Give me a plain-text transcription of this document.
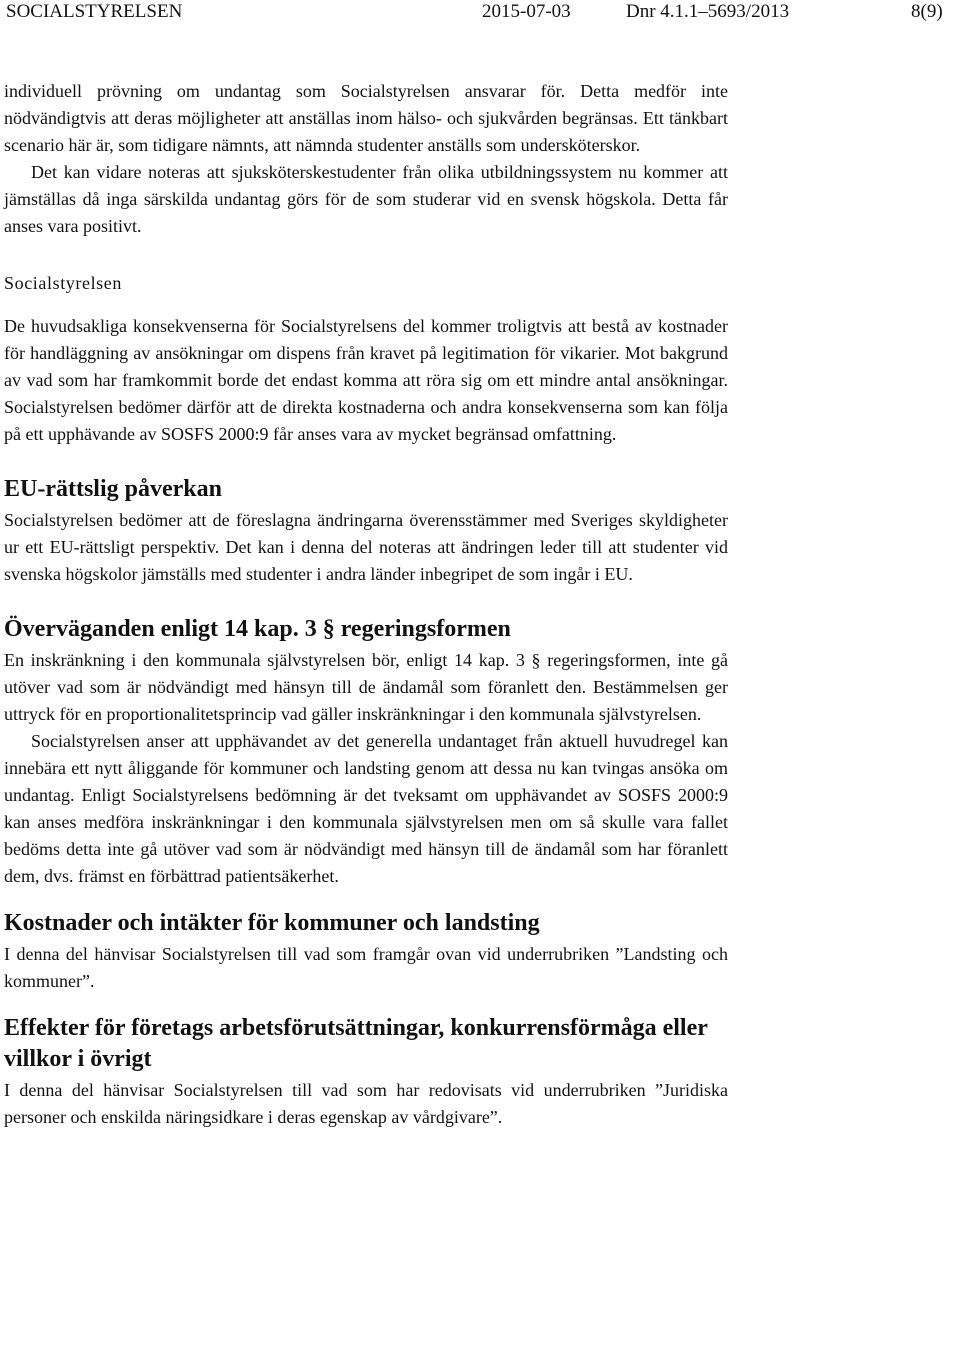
SOCIALSTYRELSEN	2015-07-03	Dnr 4.1.1–5693/2013	8(9)

individuell prövning om undantag som Socialstyrelsen ansvarar för. Detta medför inte nödvändigtvis att deras möjligheter att anställas inom hälso- och sjukvården begränsas. Ett tänkbart scenario här är, som tidigare nämnts, att nämnda studenter anställs som undersköterskor.

Det kan vidare noteras att sjuksköterskestudenter från olika utbildningssystem nu kommer att jämställas då inga särskilda undantag görs för de som studerar vid en svensk högskola. Detta får anses vara positivt.

Socialstyrelsen

De huvudsakliga konsekvenserna för Socialstyrelsens del kommer troligtvis att bestå av kostnader för handläggning av ansökningar om dispens från kravet på legitimation för vikarier. Mot bakgrund av vad som har framkommit borde det endast komma att röra sig om ett mindre antal ansökningar. Socialstyrelsen bedömer därför att de direkta kostnaderna och andra konsekvenserna som kan följa på ett upphävande av SOSFS 2000:9 får anses vara av mycket begränsad omfattning.

EU-rättslig påverkan

Socialstyrelsen bedömer att de föreslagna ändringarna överensstämmer med Sveriges skyldigheter ur ett EU-rättsligt perspektiv. Det kan i denna del noteras att ändringen leder till att studenter vid svenska högskolor jämställs med studenter i andra länder inbegripet de som ingår i EU.

Överväganden enligt 14 kap. 3 § regeringsformen

En inskränkning i den kommunala självstyrelsen bör, enligt 14 kap. 3 § regeringsformen, inte gå utöver vad som är nödvändigt med hänsyn till de ändamål som föranlett den. Bestämmelsen ger uttryck för en proportionalitetsprincip vad gäller inskränkningar i den kommunala självstyrelsen.

Socialstyrelsen anser att upphävandet av det generella undantaget från aktuell huvudregel kan innebära ett nytt åliggande för kommuner och landsting genom att dessa nu kan tvingas ansöka om undantag. Enligt Socialstyrelsens bedömning är det tveksamt om upphävandet av SOSFS 2000:9 kan anses medföra inskränkningar i den kommunala självstyrelsen men om så skulle vara fallet bedöms detta inte gå utöver vad som är nödvändigt med hänsyn till de ändamål som har föranlett dem, dvs. främst en förbättrad patientsäkerhet.

Kostnader och intäkter för kommuner och landsting

I denna del hänvisar Socialstyrelsen till vad som framgår ovan vid underrubriken ”Landsting och kommuner”.

Effekter för företags arbetsförutsättningar, konkurrensförmåga eller villkor i övrigt

I denna del hänvisar Socialstyrelsen till vad som har redovisats vid underrubriken ”Juridiska personer och enskilda näringsidkare i deras egenskap av vårdgivare”.
